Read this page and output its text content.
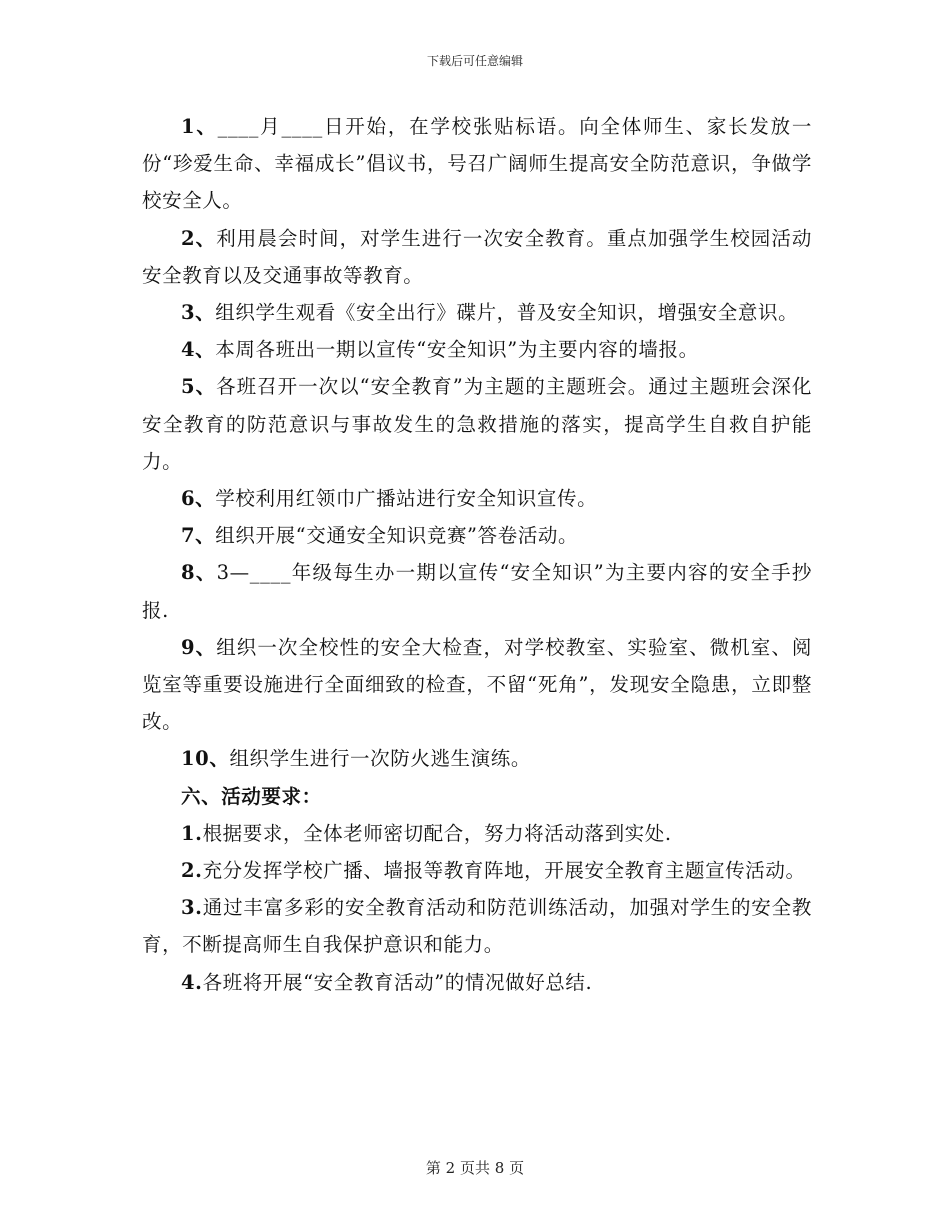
下载后可任意编辑

1、____月____日开始，在学校张贴标语。向全体师生、家长发放一份“珍爱生命、幸福成长”倡议书，号召广阔师生提高安全防范意识，争做学校安全人。

2、利用晨会时间，对学生进行一次安全教育。重点加强学生校园活动安全教育以及交通事故等教育。

3、组织学生观看《安全出行》碟片，普及安全知识，增强安全意识。

4、本周各班出一期以宣传“安全知识”为主要内容的墙报。

5、各班召开一次以“安全教育”为主题的主题班会。通过主题班会深化安全教育的防范意识与事故发生的急救措施的落实，提高学生自救自护能力。

6、学校利用红领巾广播站进行安全知识宣传。

7、组织开展“交通安全知识竞赛”答卷活动。

8、3—____年级每生办一期以宣传“安全知识”为主要内容的安全手抄报.

9、组织一次全校性的安全大检查，对学校教室、实验室、微机室、阅览室等重要设施进行全面细致的检查，不留“死角”，发现安全隐患，立即整改。

10、组织学生进行一次防火逃生演练。

六、活动要求：

1.根据要求，全体老师密切配合，努力将活动落到实处.

2.充分发挥学校广播、墙报等教育阵地，开展安全教育主题宣传活动。

3.通过丰富多彩的安全教育活动和防范训练活动，加强对学生的安全教育，不断提高师生自我保护意识和能力。

4.各班将开展“安全教育活动”的情况做好总结.

第 2 页共 8 页
